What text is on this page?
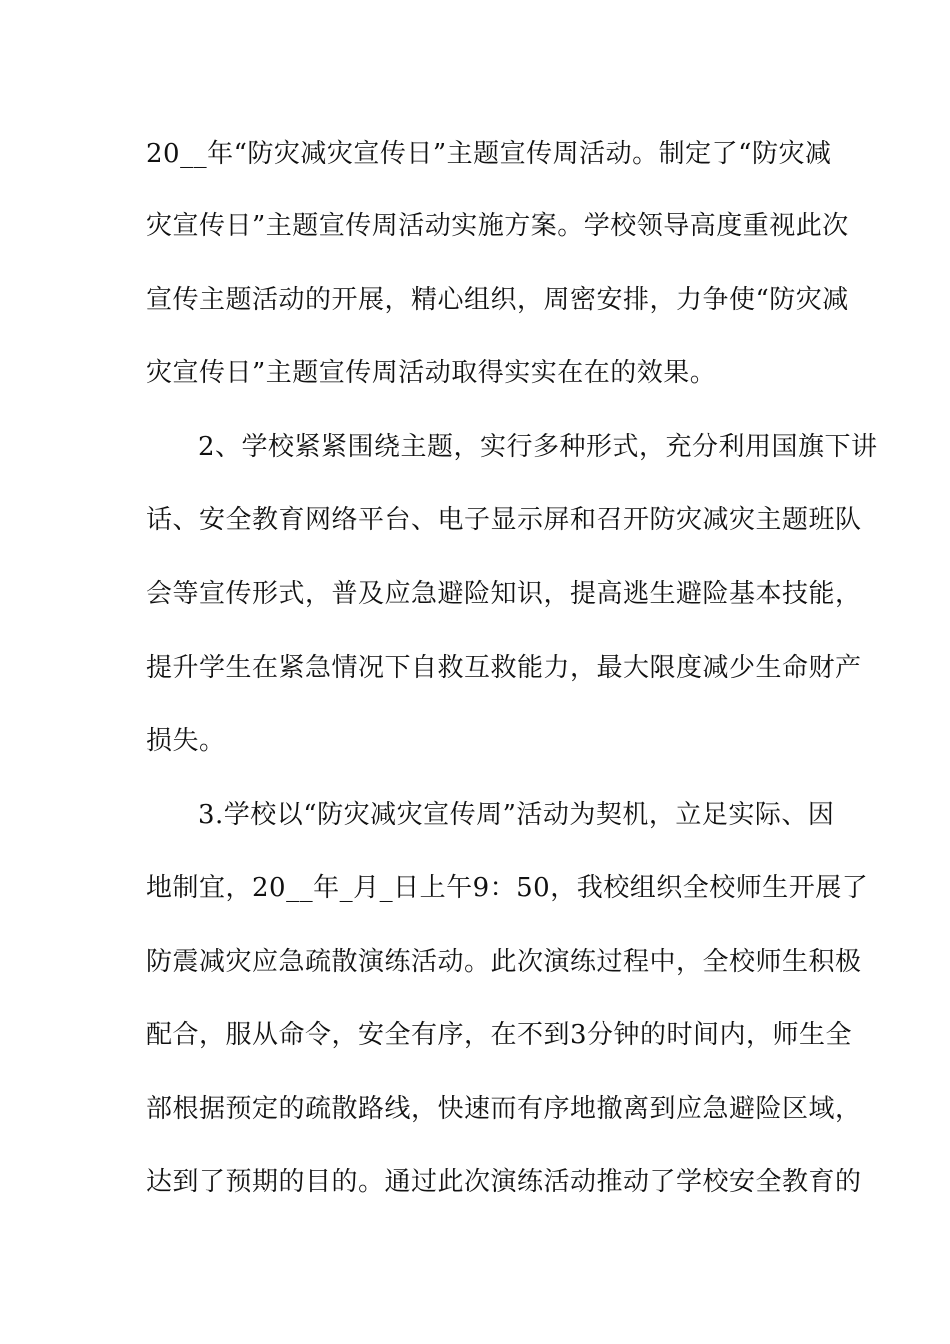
20__年“防灾减灾宣传日”主题宣传周活动。制定了“防灾减
灾宣传日”主题宣传周活动实施方案。学校领导高度重视此次
宣传主题活动的开展，精心组织，周密安排，力争使“防灾减
灾宣传日”主题宣传周活动取得实实在在的效果。
2、学校紧紧围绕主题，实行多种形式，充分利用国旗下讲
话、安全教育网络平台、电子显示屏和召开防灾减灾主题班队
会等宣传形式，普及应急避险知识，提高逃生避险基本技能，
提升学生在紧急情况下自救互救能力，最大限度减少生命财产
损失。
3.学校以“防灾减灾宣传周”活动为契机，立足实际、因
地制宜，20__年_月_日上午9：50，我校组织全校师生开展了
防震减灾应急疏散演练活动。此次演练过程中，全校师生积极
配合，服从命令，安全有序，在不到3分钟的时间内，师生全
部根据预定的疏散路线，快速而有序地撤离到应急避险区域，
达到了预期的目的。通过此次演练活动推动了学校安全教育的
